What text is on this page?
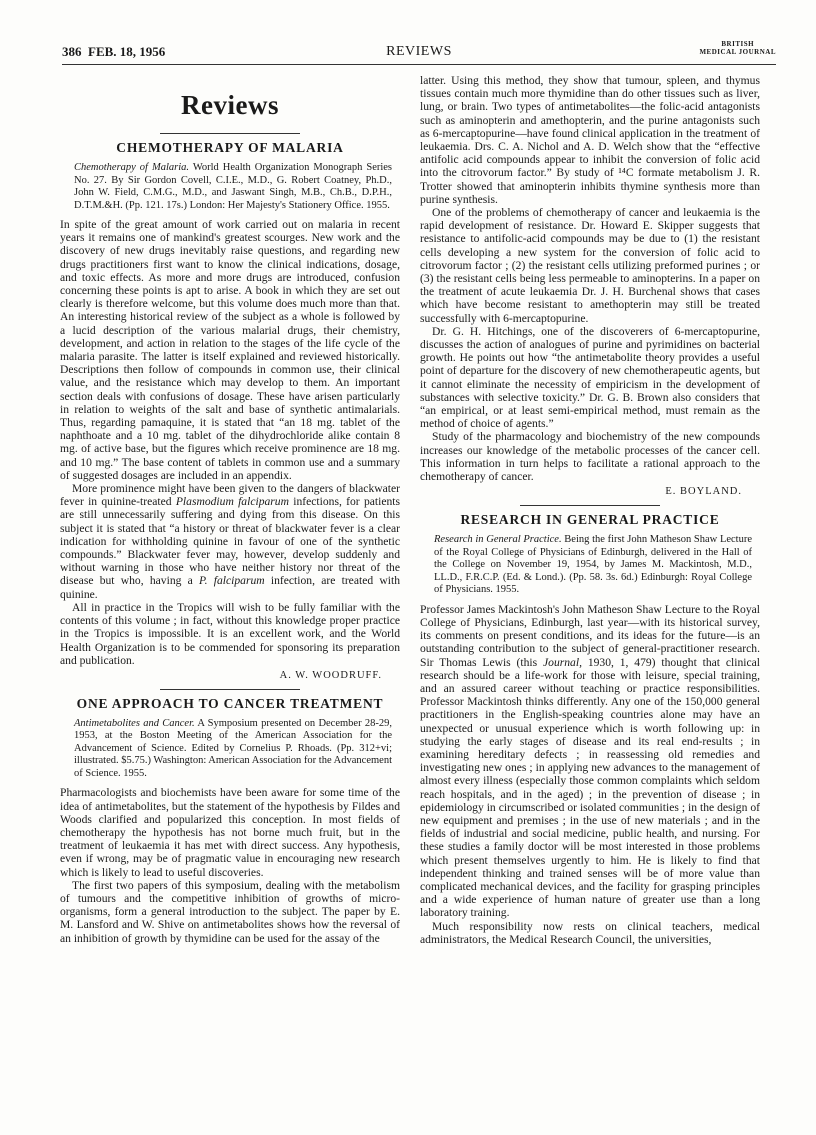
386 FEB. 18, 1956	REVIEWS	BRITISH
MEDICAL JOURNAL
Reviews
CHEMOTHERAPY OF MALARIA

Chemotherapy of Malaria. World Health Organization Monograph Series No. 27. By Sir Gordon Covell, C.I.E., M.D., G. Robert Coatney, Ph.D., John W. Field, C.M.G., M.D., and Jaswant Singh, M.B., Ch.B., D.P.H., D.T.M.&H. (Pp. 121. 17s.) London: Her Majesty's Stationery Office. 1955.

In spite of the great amount of work carried out on malaria in recent years it remains one of mankind's greatest scourges. New work and the discovery of new drugs inevitably raise questions, and regarding new drugs practitioners first want to know the clinical indications, dosage, and toxic effects. As more and more drugs are introduced, confusion concerning these points is apt to arise. A book in which they are set out clearly is therefore welcome, but this volume does much more than that. An interesting historical review of the subject as a whole is followed by a lucid description of the various malarial drugs, their chemistry, development, and action in relation to the stages of the life cycle of the malaria parasite. The latter is itself explained and reviewed historically. Descriptions then follow of compounds in common use, their clinical value, and the resistance which may develop to them. An important section deals with confusions of dosage. These have arisen particularly in relation to weights of the salt and base of synthetic antimalarials. Thus, regarding pamaquine, it is stated that “an 18 mg. tablet of the naphthoate and a 10 mg. tablet of the dihydrochloride alike contain 8 mg. of active base, but the figures which receive prominence are 18 mg. and 10 mg.” The base content of tablets in common use and a summary of suggested dosages are included in an appendix.

More prominence might have been given to the dangers of blackwater fever in quinine-treated Plasmodium falciparum infections, for patients are still unnecessarily suffering and dying from this disease. On this subject it is stated that “a history or threat of blackwater fever is a clear indication for withholding quinine in favour of one of the synthetic compounds.” Blackwater fever may, however, develop suddenly and without warning in those who have neither history nor threat of the disease but who, having a P. falciparum infection, are treated with quinine.

All in practice in the Tropics will wish to be fully familiar with the contents of this volume ; in fact, without this knowledge proper practice in the Tropics is impossible. It is an excellent work, and the World Health Organization is to be commended for sponsoring its preparation and publication.

A. W. WOODRUFF.
ONE APPROACH TO CANCER TREATMENT

Antimetabolites and Cancer. A Symposium presented on December 28-29, 1953, at the Boston Meeting of the American Association for the Advancement of Science. Edited by Cornelius P. Rhoads. (Pp. 312+vi; illustrated. $5.75.) Washington: American Association for the Advancement of Science. 1955.

Pharmacologists and biochemists have been aware for some time of the idea of antimetabolites, but the statement of the hypothesis by Fildes and Woods clarified and popularized this conception. In most fields of chemotherapy the hypothesis has not borne much fruit, but in the treatment of leukaemia it has met with direct success. Any hypothesis, even if wrong, may be of pragmatic value in encouraging new research which is likely to lead to useful discoveries.

The first two papers of this symposium, dealing with the metabolism of tumours and the competitive inhibition of growths of micro-organisms, form a general introduction to the subject. The paper by E. M. Lansford and W. Shive on antimetabolites shows how the reversal of an inhibition of growth by thymidine can be used for the assay of the

latter. Using this method, they show that tumour, spleen, and thymus tissues contain much more thymidine than do other tissues such as liver, lung, or brain. Two types of antimetabolites—the folic-acid antagonists such as aminopterin and amethopterin, and the purine antagonists such as 6-mercaptopurine—have found clinical application in the treatment of leukaemia. Drs. C. A. Nichol and A. D. Welch show that the “effective antifolic acid compounds appear to inhibit the conversion of folic acid into the citrovorum factor.” By study of ¹⁴C formate metabolism J. R. Trotter showed that aminopterin inhibits thymine synthesis more than purine synthesis.

One of the problems of chemotherapy of cancer and leukaemia is the rapid development of resistance. Dr. Howard E. Skipper suggests that resistance to antifolic-acid compounds may be due to (1) the resistant cells developing a new system for the conversion of folic acid to citrovorum factor ; (2) the resistant cells utilizing preformed purines ; or (3) the resistant cells being less permeable to aminopterins. In a paper on the treatment of acute leukaemia Dr. J. H. Burchenal shows that cases which have become resistant to amethopterin may still be treated successfully with 6-mercaptopurine.

Dr. G. H. Hitchings, one of the discoverers of 6-mercaptopurine, discusses the action of analogues of purine and pyrimidines on bacterial growth. He points out how “the antimetabolite theory provides a useful point of departure for the discovery of new chemotherapeutic agents, but it cannot eliminate the necessity of empiricism in the development of substances with selective toxicity.” Dr. G. B. Brown also considers that “an empirical, or at least semi-empirical method, must remain as the method of choice of agents.”

Study of the pharmacology and biochemistry of the new compounds increases our knowledge of the metabolic processes of the cancer cell. This information in turn helps to facilitate a rational approach to the chemotherapy of cancer.

E. BOYLAND.
RESEARCH IN GENERAL PRACTICE

Research in General Practice. Being the first John Matheson Shaw Lecture of the Royal College of Physicians of Edinburgh, delivered in the Hall of the College on November 19, 1954, by James M. Mackintosh, M.D., LL.D., F.R.C.P. (Ed. & Lond.). (Pp. 58. 3s. 6d.) Edinburgh: Royal College of Physicians. 1955.

Professor James Mackintosh's John Matheson Shaw Lecture to the Royal College of Physicians, Edinburgh, last year—with its historical survey, its comments on present conditions, and its ideas for the future—is an outstanding contribution to the subject of general-practitioner research. Sir Thomas Lewis (this Journal, 1930, 1, 479) thought that clinical research should be a life-work for those with leisure, special training, and an assured career without teaching or practice responsibilities. Professor Mackintosh thinks differently. Any one of the 150,000 general practitioners in the English-speaking countries alone may have an unexpected or unusual experience which is worth following up: in studying the early stages of disease and its real end-results ; in examining hereditary defects ; in reassessing old remedies and investigating new ones ; in applying new advances to the management of almost every illness (especially those common complaints which seldom reach hospitals, and in the aged) ; in the prevention of disease ; in epidemiology in circumscribed or isolated communities ; in the design of new equipment and premises ; in the use of new materials ; and in the fields of industrial and social medicine, public health, and nursing. For these studies a family doctor will be most interested in those problems which present themselves urgently to him. He is likely to find that independent thinking and trained senses will be of more value than complicated mechanical devices, and the facility for grasping principles and a wide experience of human nature of greater use than a long laboratory training.

Much responsibility now rests on clinical teachers, medical administrators, the Medical Research Council, the universities,
